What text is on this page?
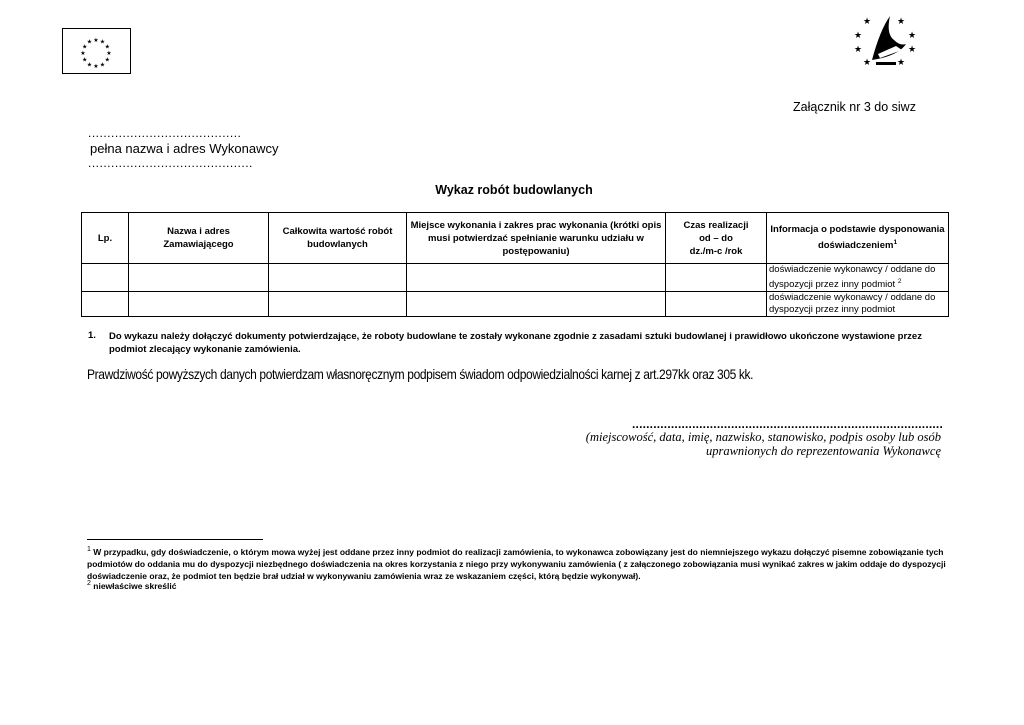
★ ★
★
★
★
★
★
★
★
★
★
★
★	★
★	★
★	★
★	★
Załącznik nr 3 do siwz
........................................
pełna nazwa i adres Wykonawcy
...........................................
Wykaz robót budowlanych
Lp.	Nazwa i adres Zamawiającego	Całkowita wartość robót budowlanych	Miejsce wykonania i zakres prac wykonania (krótki opis musi potwierdzać spełnianie warunku udziału w postępowaniu)	Czas realizacji
od – do
dz./m-c /rok	Informacja o podstawie dysponowania doświadczeniem$^1$
					doświadczenie wykonawcy / oddane do dyspozycji przez inny podmiot $^2$
					doświadczenie wykonawcy / oddane do dyspozycji przez inny podmiot
1. Do wykazu należy dołączyć dokumenty potwierdzające, że roboty budowlane te zostały wykonane zgodnie z zasadami sztuki budowlanej i prawidłowo ukończone wystawione przez podmiot zlecający wykonanie zamówienia.
Prawdziwość powyższych danych potwierdzam własnoręcznym podpisem świadom odpowiedzialności karnej z art.297kk oraz 305 kk.
........................................................................................
(miejscowość, data, imię, nazwisko, stanowisko, podpis osoby lub osób
uprawnionych do reprezentowania Wykonawcę
$^1$ W przypadku, gdy doświadczenie, o którym mowa wyżej jest oddane przez inny podmiot do realizacji zamówienia, to wykonawca zobowiązany jest do niemniejszego wykazu dołączyć pisemne zobowiązanie tych podmiotów do oddania mu do dyspozycji niezbędnego doświadczenia na okres korzystania z niego przy wykonywaniu zamówienia ( z załączonego zobowiązania musi wynikać zakres w jakim oddaje do dyspozycji doświadczenie oraz, że podmiot ten będzie brał udział w wykonywaniu zamówienia wraz ze wskazaniem części, którą będzie wykonywał).
$^2$ niewłaściwe skreślić
